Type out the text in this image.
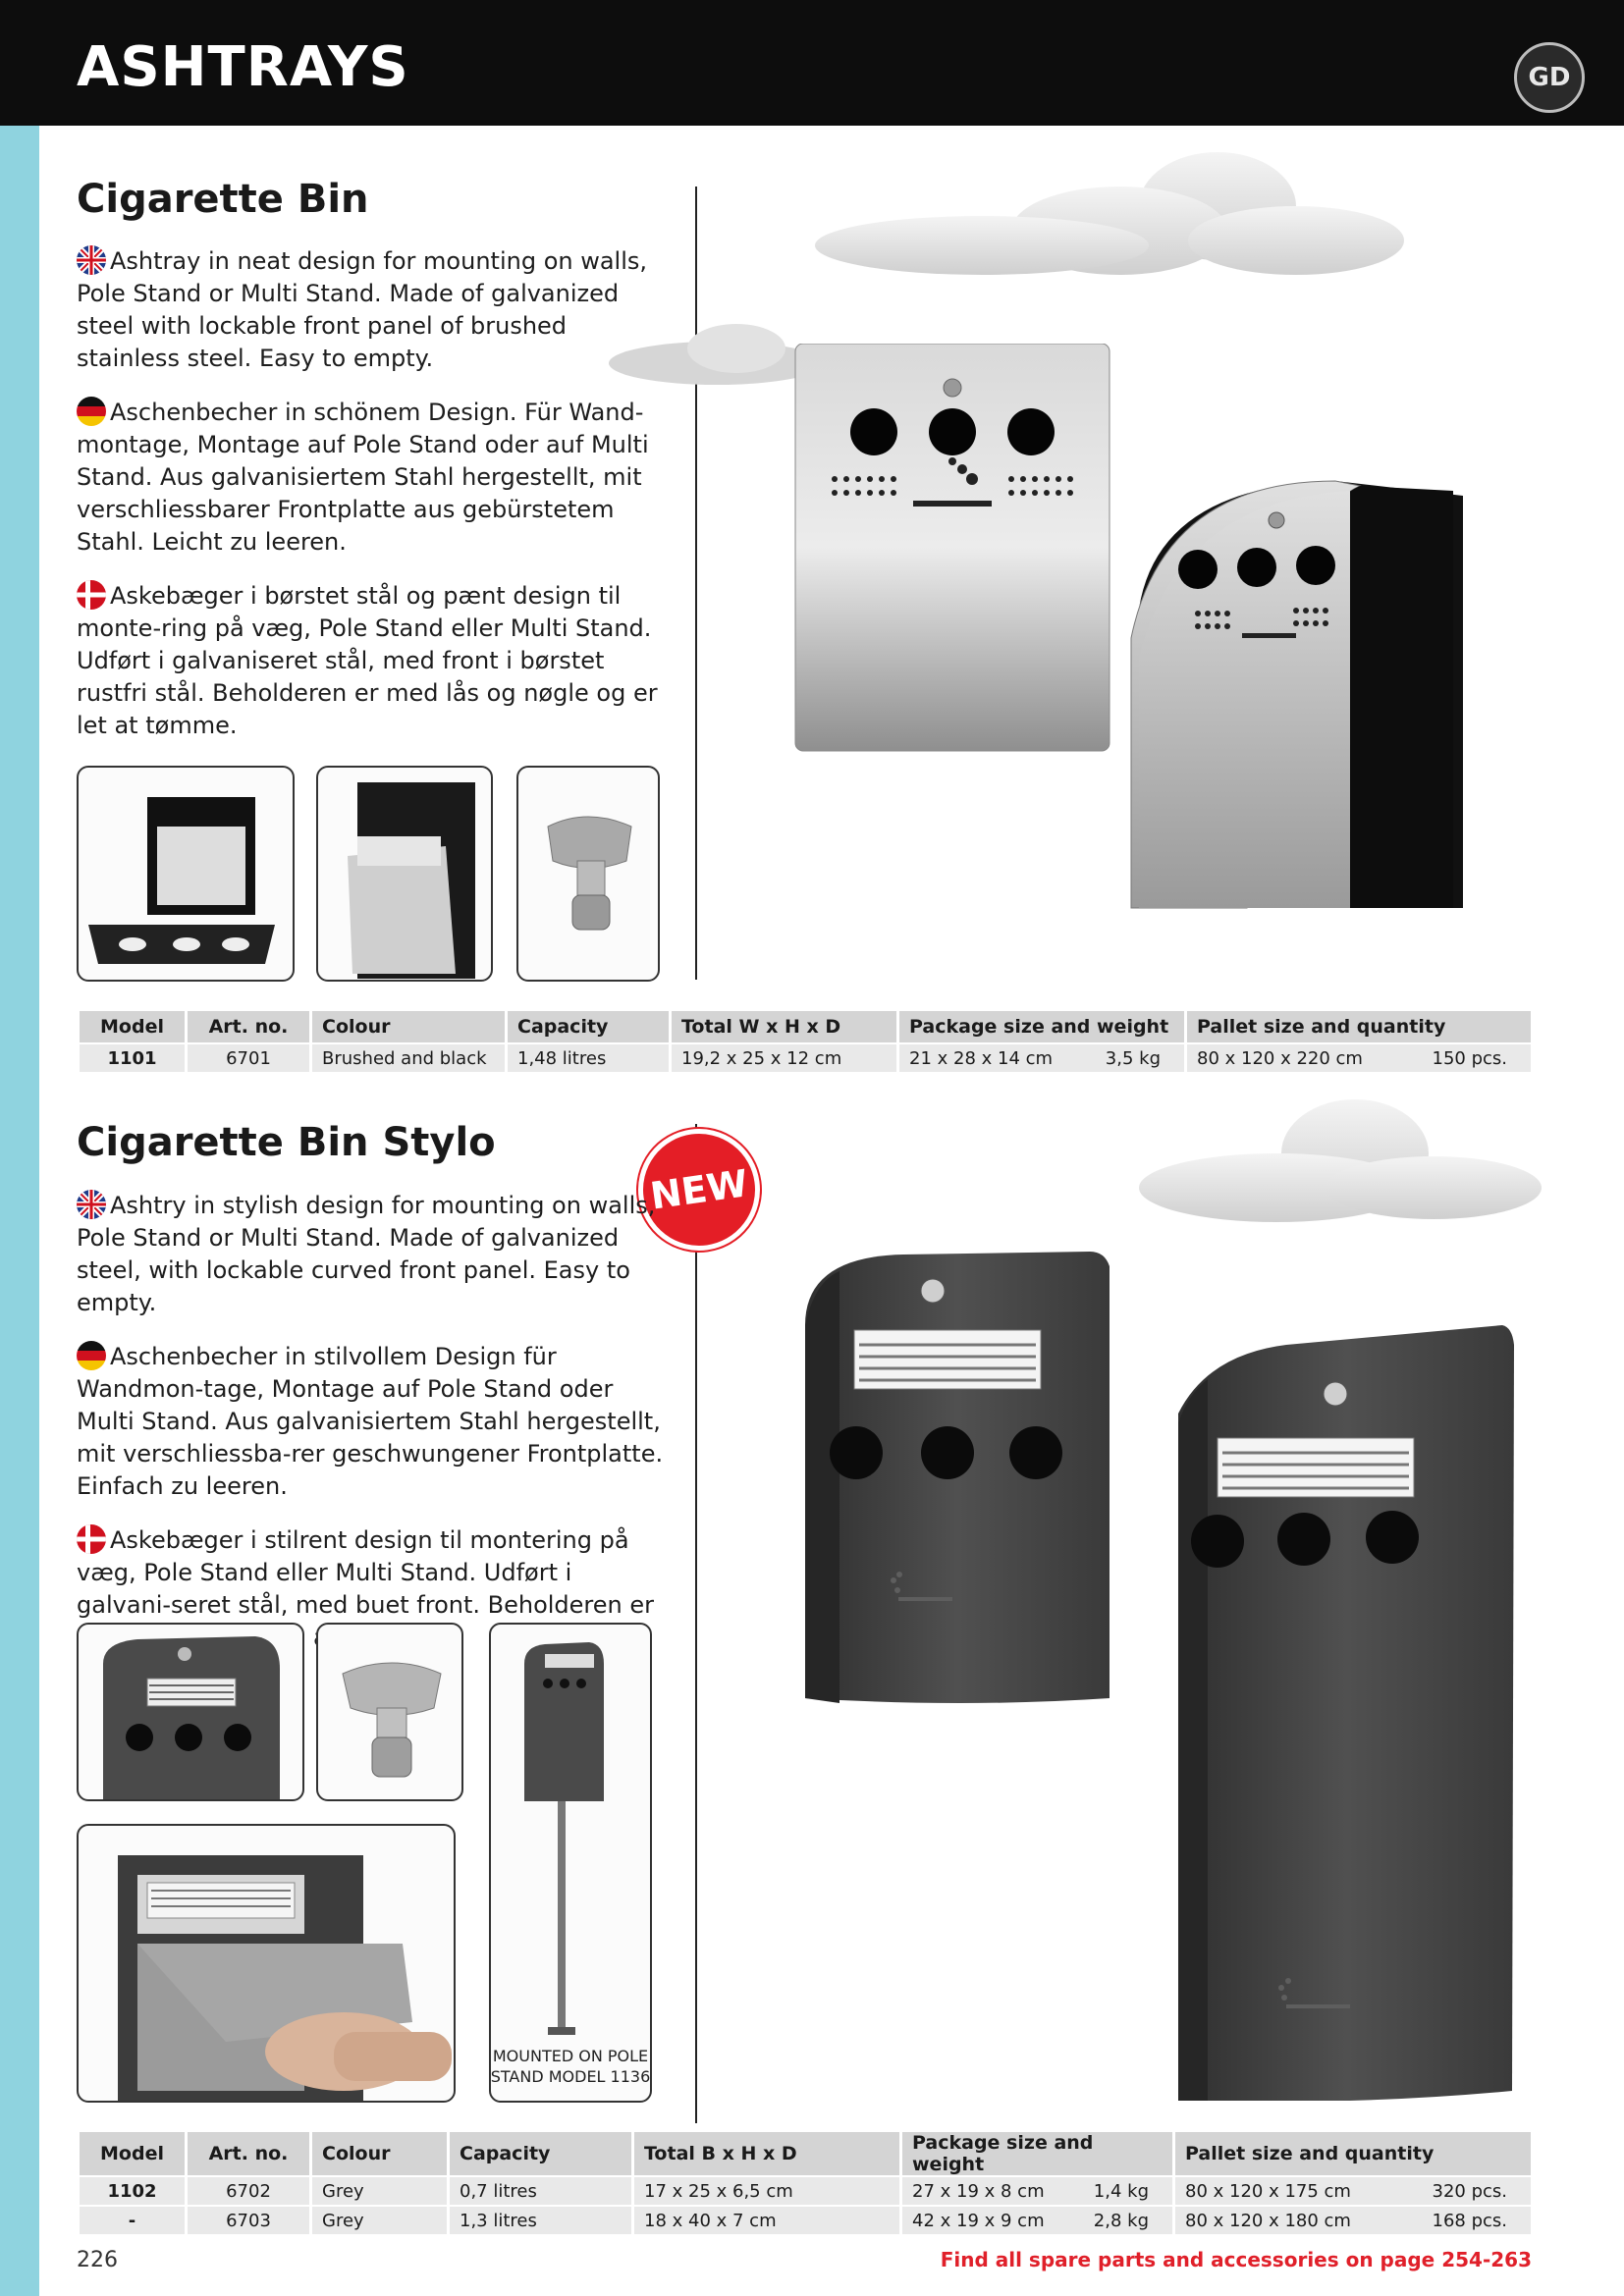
ASHTRAYS	GD
Cigarette Bin

Ashtray in neat design for mounting on walls, Pole Stand or Multi Stand. Made of galvanized steel with lockable front panel of brushed stainless steel. Easy to empty.

Aschenbecher in schönem Design. Für Wand-montage, Montage auf Pole Stand oder auf Multi Stand. Aus galvanisiertem Stahl hergestellt, mit verschliessbarer Frontplatte aus gebürstetem Stahl. Leicht zu leeren.

Askebæger i børstet stål og pænt design til monte-ring på væg, Pole Stand eller Multi Stand. Udført i galvaniseret stål, med front i børstet rustfri stål. Beholderen er med lås og nøgle og er let at tømme.

Model	Art. no.	Colour	Capacity	Total W x H x D	Package size and weight	Pallet size and quantity
1101	6701	Brushed and black	1,48 litres	19,2 x 25 x 12 cm	21 x 28 x 14 cm 3,5 kg	80 x 120 x 220 cm 150 pcs.
Cigarette Bin Stylo
NEW

Ashtry in stylish design for mounting on walls, Pole Stand or Multi Stand. Made of galvanized steel, with lockable curved front panel. Easy to empty.

Aschenbecher in stilvollem Design für Wandmon-tage, Montage auf Pole Stand oder Multi Stand. Aus galvanisiertem Stahl hergestellt, mit verschliessba-rer geschwungener Frontplatte. Einfach zu leeren.

Askebæger i stilrent design til montering på væg, Pole Stand eller Multi Stand. Udført i galvani-seret stål, med buet front. Beholderen er

MOUNTED ON POLE STAND MODEL 1136
Model	Art. no.	Colour	Capacity	Total B x H x D	Package size and weight	Pallet size and quantity
1102	6702	Grey	0,7 litres	17 x 25 x 6,5 cm	27 x 19 x 8 cm 1,4 kg	80 x 120 x 175 cm 320 pcs.

-	6703	Grey	1,3 litres	18 x 40 x 7 cm	42 x 19 x 9 cm 2,8 kg	80 x 120 x 180 cm 168 pcs.
226	Find all spare parts and accessories on page 254-263
